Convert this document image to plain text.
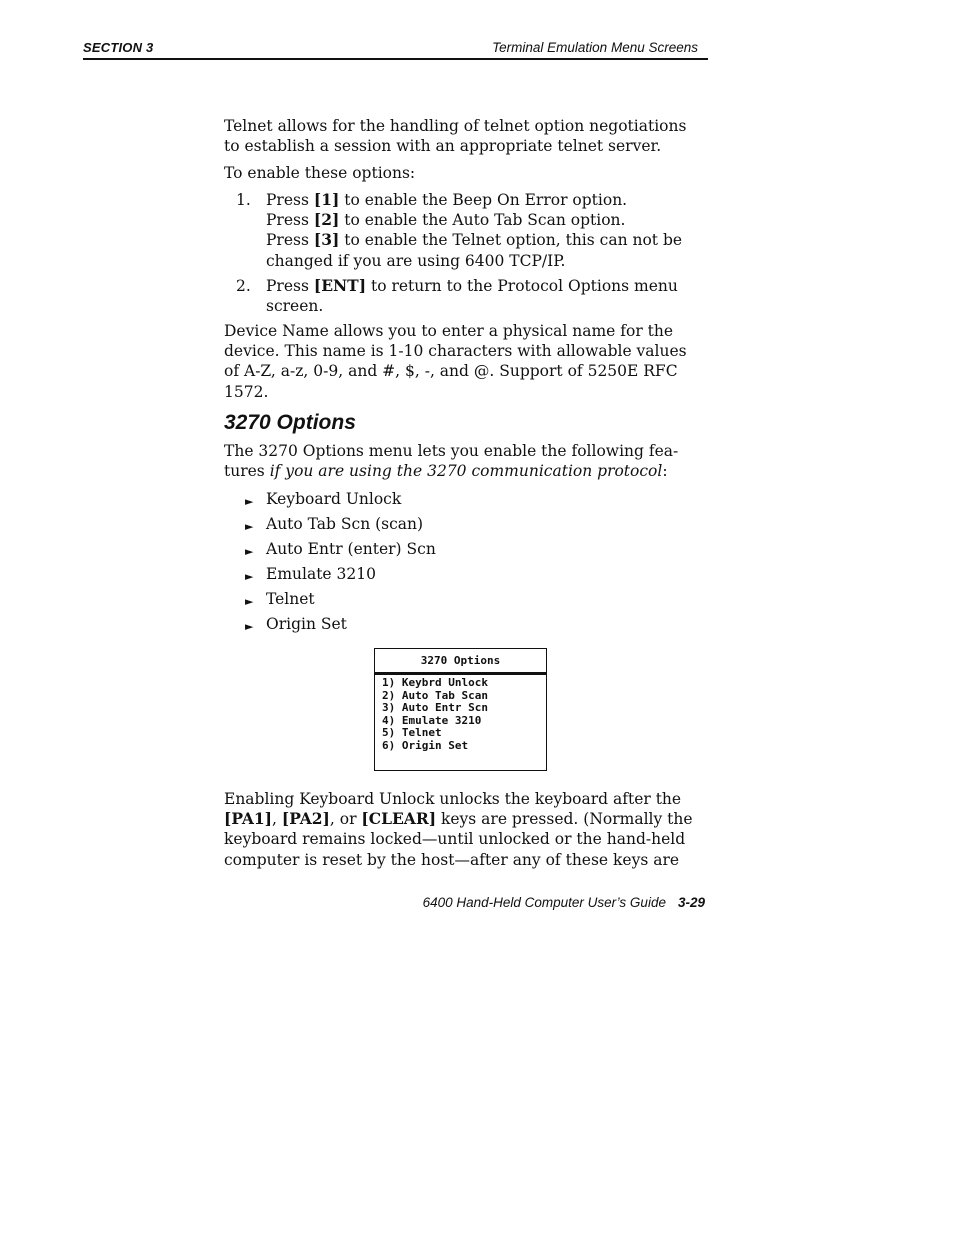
SECTION 3	Terminal Emulation Menu Screens
Telnet allows for the handling of telnet option negotiations
to establish a session with an appropriate telnet server.
To enable these options:
1. Press [1] to enable the Beep On Error option.
Press [2] to enable the Auto Tab Scan option.
Press [3] to enable the Telnet option, this can not be
changed if you are using 6400 TCP/IP.
2. Press [ENT] to return to the Protocol Options menu
screen.
Device Name allows you to enter a physical name for the
device. This name is 1-10 characters with allowable values
of A-Z, a-z, 0-9, and #, $, -, and @. Support of 5250E RFC
1572.
3270 Options
The 3270 Options menu lets you enable the following fea-
tures if you are using the 3270 communication protocol:
► Keyboard Unlock
► Auto Tab Scn (scan)
► Auto Entr (enter) Scn
► Emulate 3210
► Telnet
► Origin Set
3270 Options
1) Keybrd Unlock
2) Auto Tab Scan
3) Auto Entr Scn
4) Emulate 3210
5) Telnet
6) Origin Set
Enabling Keyboard Unlock unlocks the keyboard after the
[PA1], [PA2], or [CLEAR] keys are pressed. (Normally the
keyboard remains locked—until unlocked or the hand-held
computer is reset by the host—after any of these keys are
6400 Hand-Held Computer User’s Guide 3-29
